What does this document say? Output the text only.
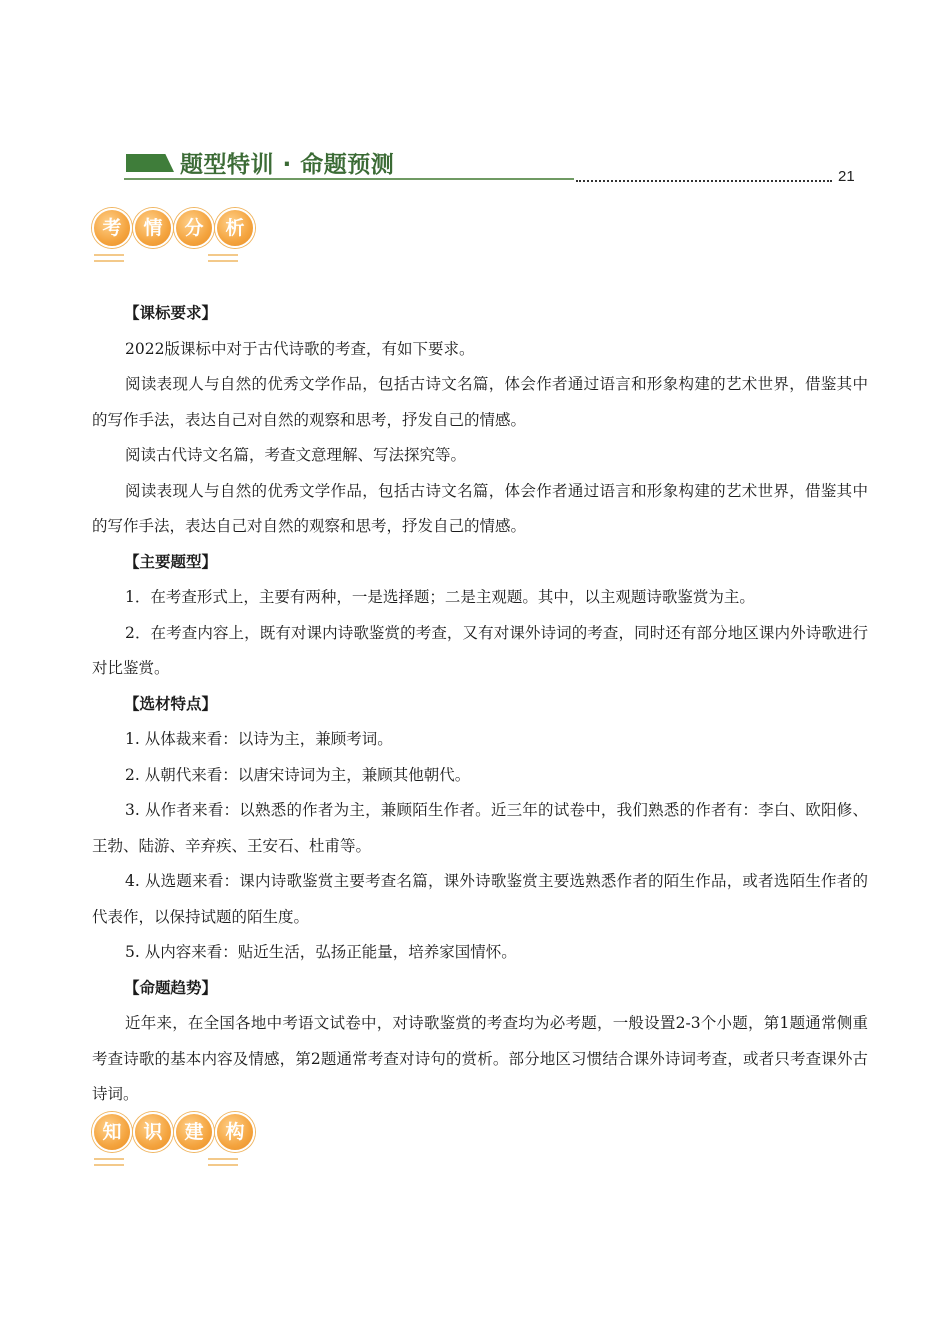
题型特训 · 命题预测	21
考	情	分	析

【课标要求】

2022版课标中对于古代诗歌的考查，有如下要求。

阅读表现人与自然的优秀文学作品，包括古诗文名篇，体会作者通过语言和形象构建的艺术世界，借鉴其中的写作手法，表达自己对自然的观察和思考，抒发自己的情感。

阅读古代诗文名篇，考查文意理解、写法探究等。

阅读表现人与自然的优秀文学作品，包括古诗文名篇，体会作者通过语言和形象构建的艺术世界，借鉴其中的写作手法，表达自己对自然的观察和思考，抒发自己的情感。

【主要题型】

1．在考查形式上，主要有两种，一是选择题；二是主观题。其中，以主观题诗歌鉴赏为主。

2．在考查内容上，既有对课内诗歌鉴赏的考查，又有对课外诗词的考查，同时还有部分地区课内外诗歌进行对比鉴赏。

【选材特点】

1. 从体裁来看：以诗为主，兼顾考词。

2. 从朝代来看：以唐宋诗词为主，兼顾其他朝代。

3. 从作者来看：以熟悉的作者为主，兼顾陌生作者。近三年的试卷中，我们熟悉的作者有：李白、欧阳修、王勃、陆游、辛弃疾、王安石、杜甫等。

4. 从选题来看：课内诗歌鉴赏主要考查名篇，课外诗歌鉴赏主要选熟悉作者的陌生作品，或者选陌生作者的代表作，以保持试题的陌生度。

5. 从内容来看：贴近生活，弘扬正能量，培养家国情怀。

【命题趋势】

近年来，在全国各地中考语文试卷中，对诗歌鉴赏的考查均为必考题，一般设置2-3个小题，第1题通常侧重考查诗歌的基本内容及情感，第2题通常考查对诗句的赏析。部分地区习惯结合课外诗词考查，或者只考查课外古诗词。

知	识	建	构
